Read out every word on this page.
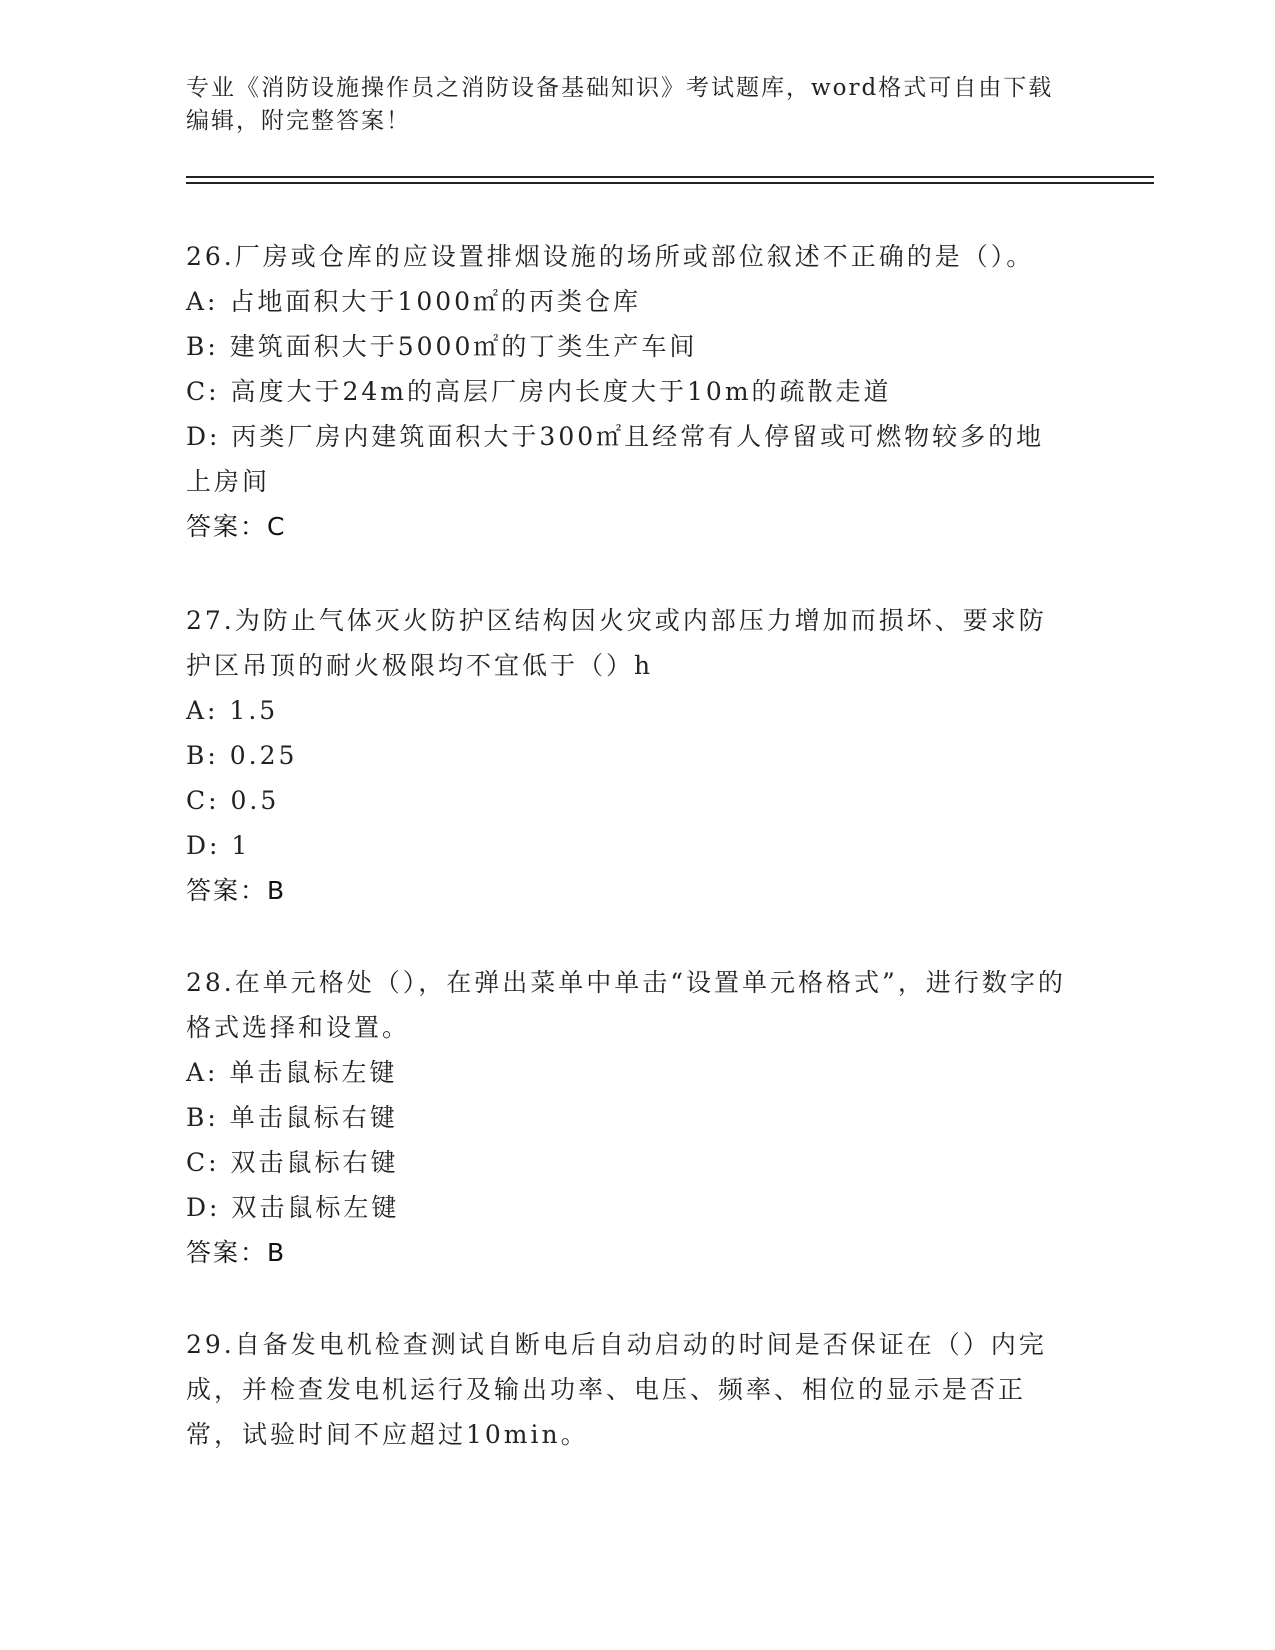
专业《消防设施操作员之消防设备基础知识》考试题库，word格式可自由下载编辑，附完整答案！

26.厂房或仓库的应设置排烟设施的场所或部位叙述不正确的是（）。

A: 占地面积大于1000㎡的丙类仓库

B: 建筑面积大于5000㎡的丁类生产车间

C: 高度大于24m的高层厂房内长度大于10m的疏散走道

D: 丙类厂房内建筑面积大于300㎡且经常有人停留或可燃物较多的地上房间

答案：C

27.为防止气体灭火防护区结构因火灾或内部压力增加而损坏、要求防护区吊顶的耐火极限均不宜低于（）h

A: 1.5

B: 0.25

C: 0.5

D: 1

答案：B

28.在单元格处（），在弹出菜单中单击“设置单元格格式”，进行数字的格式选择和设置。

A: 单击鼠标左键

B: 单击鼠标右键

C: 双击鼠标右键

D: 双击鼠标左键

答案：B

29.自备发电机检查测试自断电后自动启动的时间是否保证在（）内完成，并检查发电机运行及输出功率、电压、频率、相位的显示是否正常，试验时间不应超过10min。
